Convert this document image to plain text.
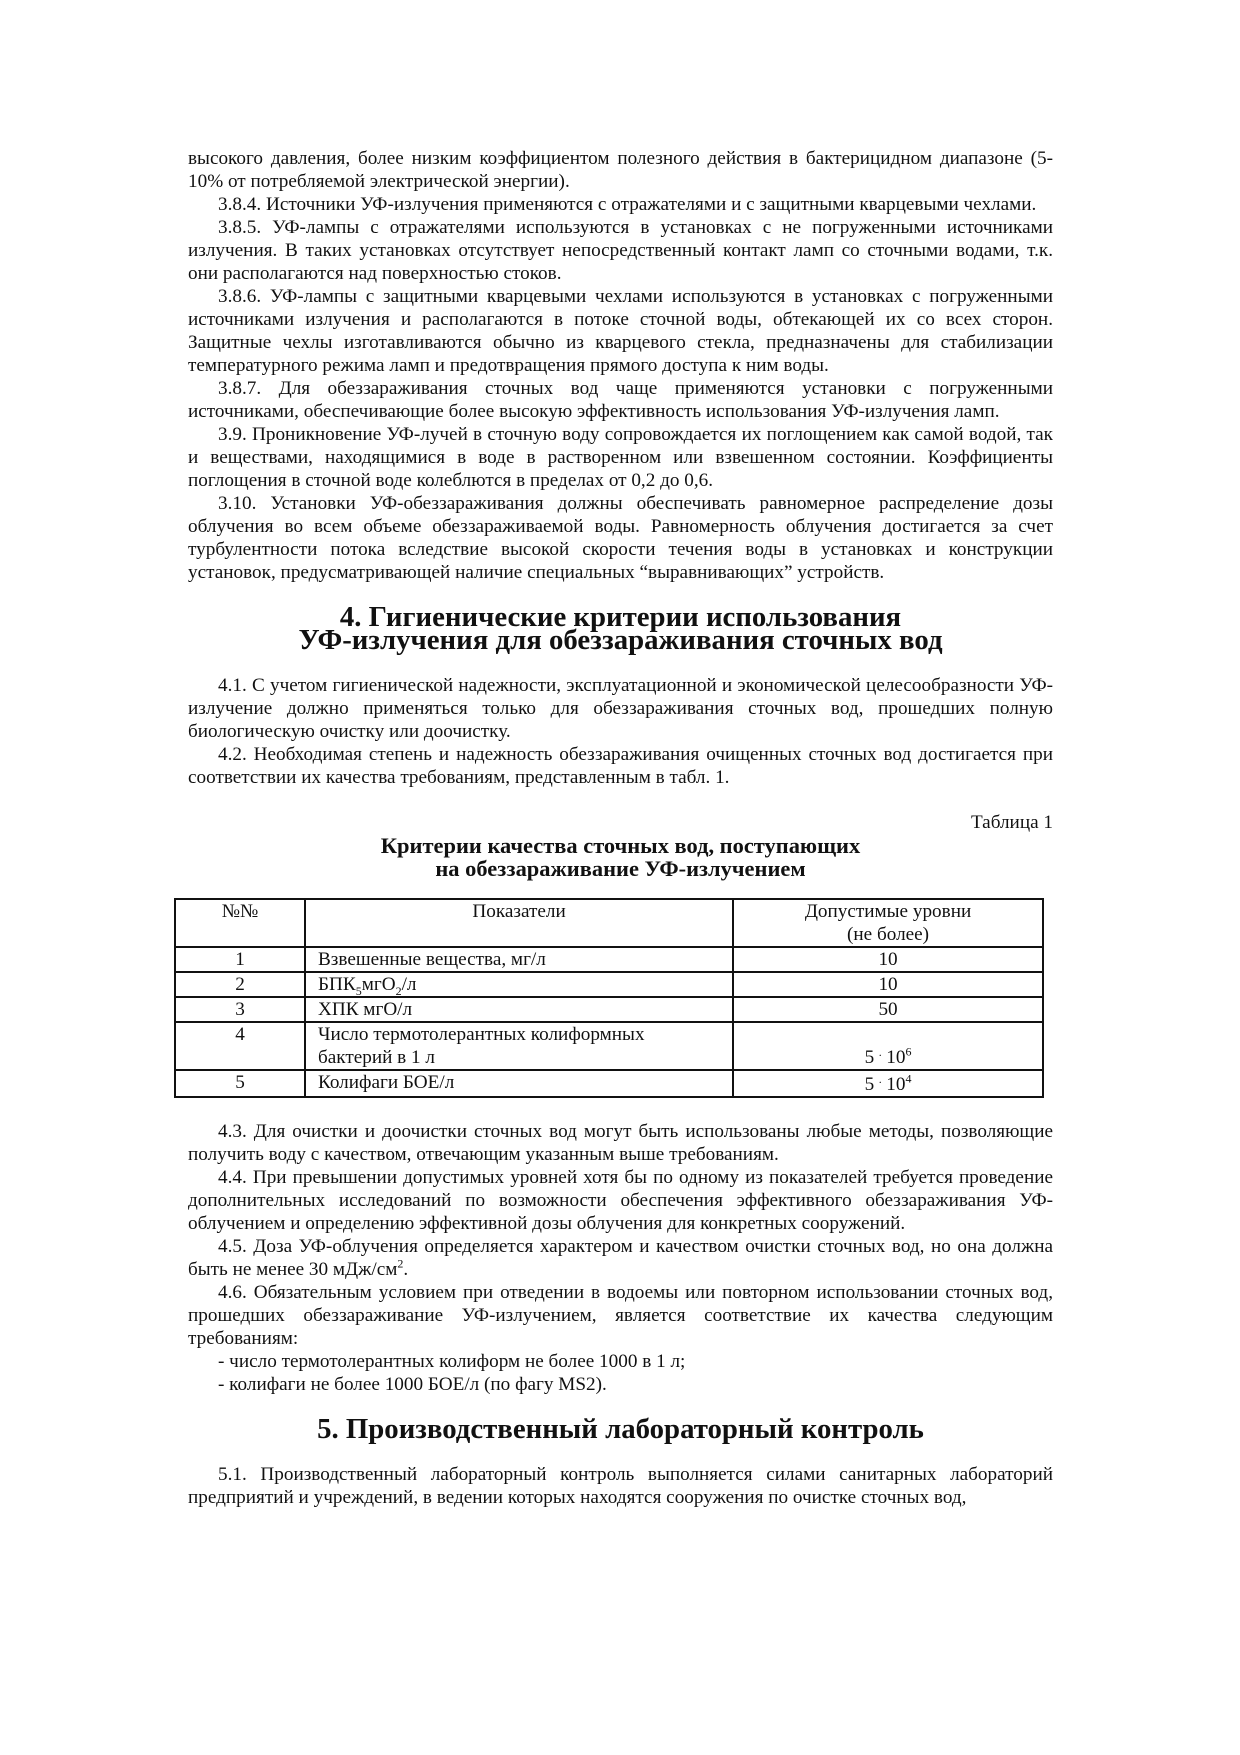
высокого давления, более низким коэффициентом полезного действия в бактерицидном диапазоне (5-10% от потребляемой электрической энергии).

3.8.4. Источники УФ-излучения применяются с отражателями и с защитными кварцевыми чехлами.

3.8.5. УФ-лампы с отражателями используются в установках с не погруженными источниками излучения. В таких установках отсутствует непосредственный контакт ламп со сточными водами, т.к. они располагаются над поверхностью стоков.

3.8.6. УФ-лампы с защитными кварцевыми чехлами используются в установках с погруженными источниками излучения и располагаются в потоке сточной воды, обтекающей их со всех сторон. Защитные чехлы изготавливаются обычно из кварцевого стекла, предназначены для стабилизации температурного режима ламп и предотвращения прямого доступа к ним воды.

3.8.7. Для обеззараживания сточных вод чаще применяются установки с погруженными источниками, обеспечивающие более высокую эффективность использования УФ-излучения ламп.

3.9. Проникновение УФ-лучей в сточную воду сопровождается их поглощением как самой водой, так и веществами, находящимися в воде в растворенном или взвешенном состоянии. Коэффициенты поглощения в сточной воде колеблются в пределах от 0,2 до 0,6.

3.10. Установки УФ-обеззараживания должны обеспечивать равномерное распределение дозы облучения во всем объеме обеззараживаемой воды. Равномерность облучения достигается за счет турбулентности потока вследствие высокой скорости течения воды в установках и конструкции установок, предусматривающей наличие специальных “выравнивающих” устройств.

4. Гигиенические критерии использования
УФ-излучения для обеззараживания сточных вод

4.1. С учетом гигиенической надежности, эксплуатационной и экономической целесообразности УФ-излучение должно применяться только для обеззараживания сточных вод, прошедших полную биологическую очистку или доочистку.

4.2. Необходимая степень и надежность обеззараживания очищенных сточных вод достигается при соответствии их качества требованиям, представленным в табл. 1.

Таблица 1

Критерии качества сточных вод, поступающих
на обеззараживание УФ-излучением
№№	Показатели	Допустимые уровни
(не более)

1	Взвешенные вещества, мг/л	10
2	$БПК_5мгО_2/л$	10
3	ХПК мгО/л	50
4	Число термотолерантных колиформных
бактерий в 1 л	5 · $10^6$
5	Колифаги БОЕ/л	5 · $10^4$

4.3. Для очистки и доочистки сточных вод могут быть использованы любые методы, позволяющие получить воду с качеством, отвечающим указанным выше требованиям.

4.4. При превышении допустимых уровней хотя бы по одному из показателей требуется проведение дополнительных исследований по возможности обеспечения эффективного обеззараживания УФ-облучением и определению эффективной дозы облучения для конкретных сооружений.

4.5. Доза УФ-облучения определяется характером и качеством очистки сточных вод, но она должна быть не менее 30 мДж/$см^2$.

4.6. Обязательным условием при отведении в водоемы или повторном использовании сточных вод, прошедших обеззараживание УФ-излучением, является соответствие их качества следующим требованиям:

- число термотолерантных колиформ не более 1000 в 1 л;

- колифаги не более 1000 БОЕ/л (по фагу MS2).

5. Производственный лабораторный контроль

5.1. Производственный лабораторный контроль выполняется силами санитарных лабораторий предприятий и учреждений, в ведении которых находятся сооружения по очистке сточных вод,
